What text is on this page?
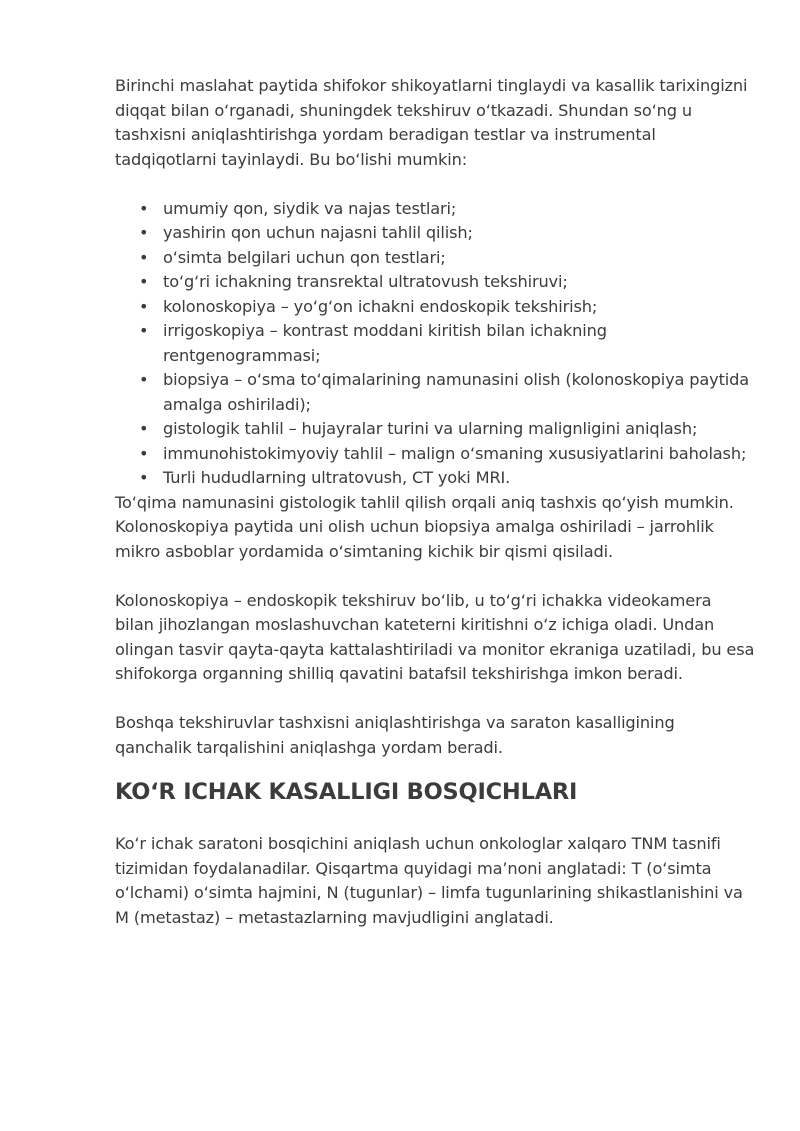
Birinchi maslahat paytida shifokor shikoyatlarni tinglaydi va kasallik tarixingizni diqqat bilan o‘rganadi, shuningdek tekshiruv o‘tkazadi. Shundan so‘ng u tashxisni aniqlashtirishga yordam beradigan testlar va instrumental tadqiqotlarni tayinlaydi. Bu bo‘lishi mumkin:

• umumiy qon, siydik va najas testlari;
• yashirin qon uchun najasni tahlil qilish;
• o‘simta belgilari uchun qon testlari;
• to‘g‘ri ichakning transrektal ultratovush tekshiruvi;
• kolonoskopiya – yo‘g‘on ichakni endoskopik tekshirish;
• irrigoskopiya – kontrast moddani kiritish bilan ichakning rentgenogrammasi;
• biopsiya – o‘sma to‘qimalarining namunasini olish (kolonoskopiya paytida amalga oshiriladi);
• gistologik tahlil – hujayralar turini va ularning malignligini aniqlash;
• immunohistokimyoviy tahlil – malign o‘smaning xususiyatlarini baholash;
• Turli hududlarning ultratovush, CT yoki MRI.

To‘qima namunasini gistologik tahlil qilish orqali aniq tashxis qo‘yish mumkin. Kolonoskopiya paytida uni olish uchun biopsiya amalga oshiriladi – jarrohlik mikro asboblar yordamida o‘simtaning kichik bir qismi qisiladi.

Kolonoskopiya – endoskopik tekshiruv bo‘lib, u to‘g‘ri ichakka videokamera bilan jihozlangan moslashuvchan kateterni kiritishni o‘z ichiga oladi. Undan olingan tasvir qayta-qayta kattalashtiriladi va monitor ekraniga uzatiladi, bu esa shifokorga organning shilliq qavatini batafsil tekshirishga imkon beradi.

Boshqa tekshiruvlar tashxisni aniqlashtirishga va saraton kasalligining qanchalik tarqalishini aniqlashga yordam beradi.

KO‘R ICHAK KASALLIGI BOSQICHLARI

Ko‘r ichak saratoni bosqichini aniqlash uchun onkologlar xalqaro TNM tasnifi tizimidan foydalanadilar. Qisqartma quyidagi ma’noni anglatadi: T (o‘simta o‘lchami) o‘simta hajmini, N (tugunlar) – limfa tugunlarining shikastlanishini va M (metastaz) – metastazlarning mavjudligini anglatadi.
